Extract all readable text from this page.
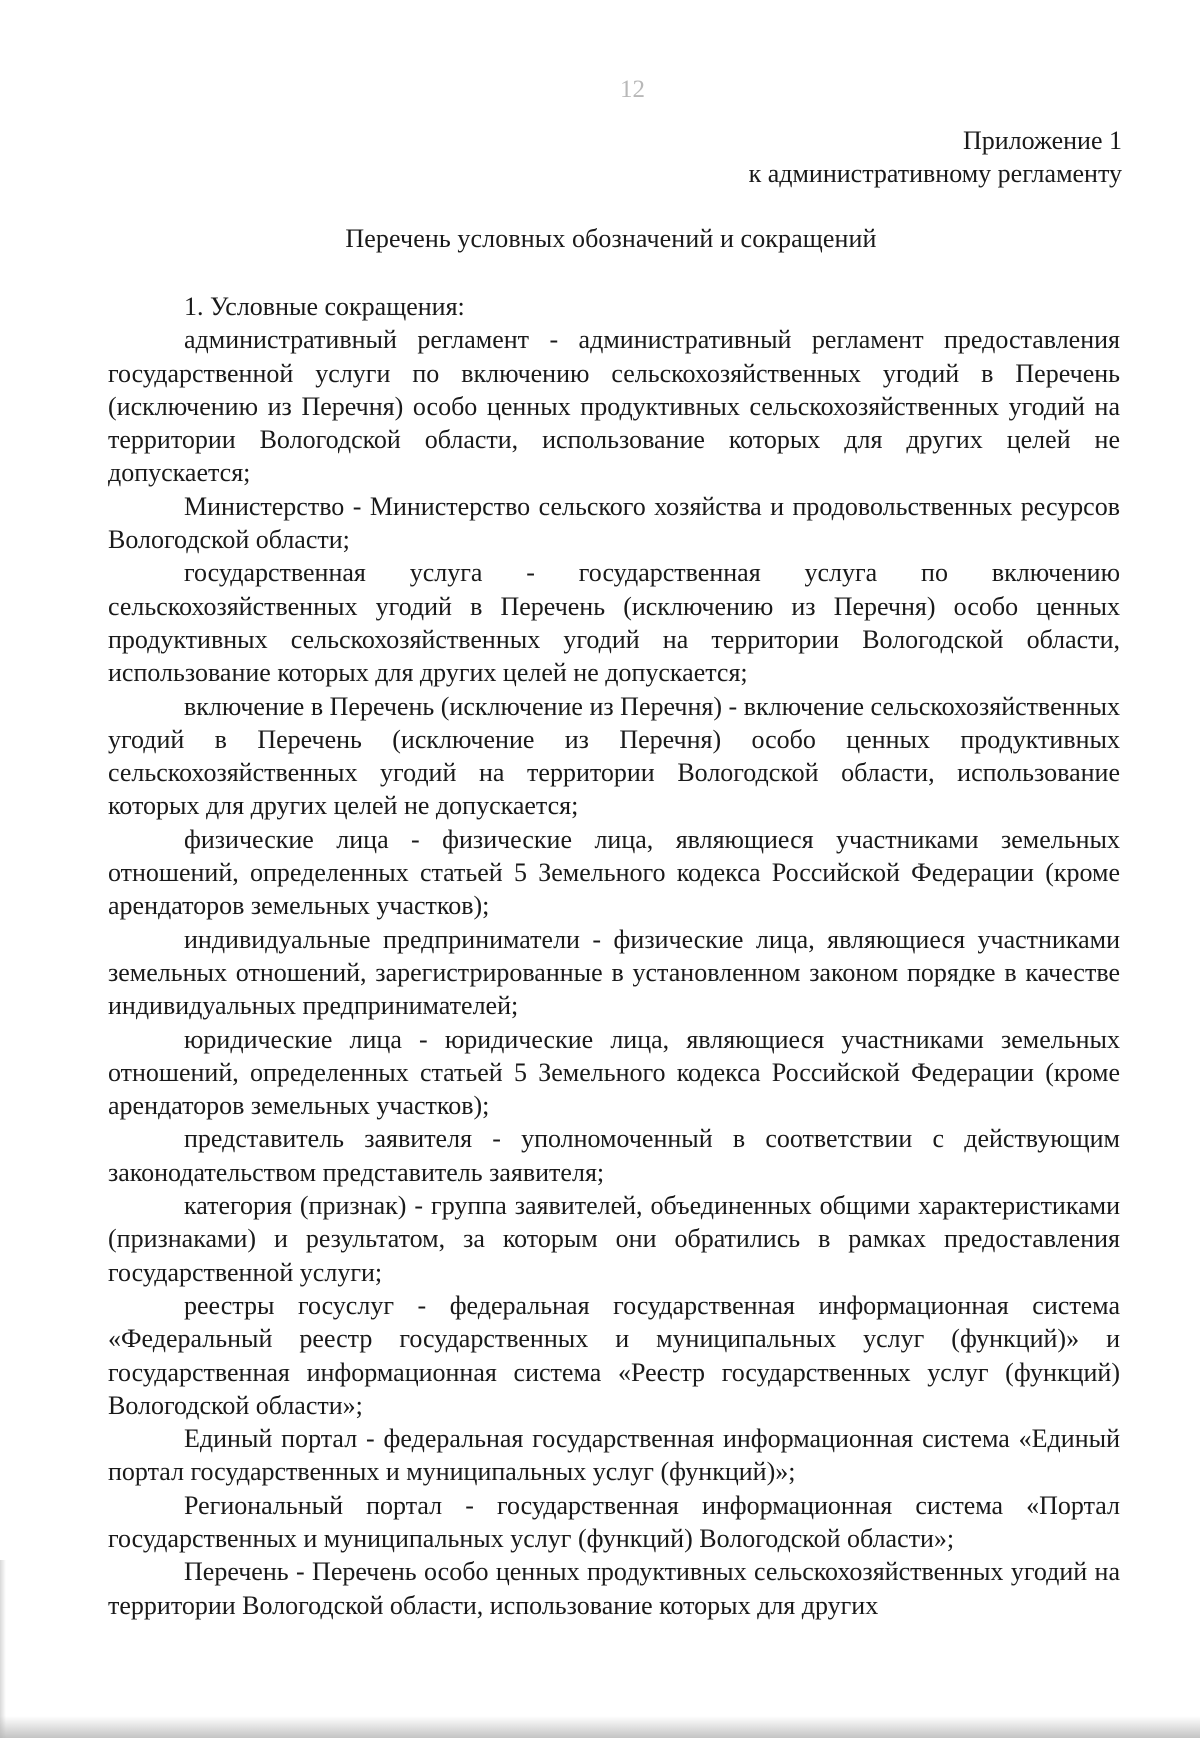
12
Приложение 1
к административному регламенту
Перечень условных обозначений и сокращений

1. Условные сокращения:

административный регламент - административный регламент предоставления государственной услуги по включению сельскохозяйственных угодий в Перечень (исключению из Перечня) особо ценных продуктивных сельскохозяйственных угодий на территории Вологодской области, использование которых для других целей не допускается;

Министерство - Министерство сельского хозяйства и продовольственных ресурсов Вологодской области;

государственная услуга - государственная услуга по включению сельскохозяйственных угодий в Перечень (исключению из Перечня) особо ценных продуктивных сельскохозяйственных угодий на территории Вологодской области, использование которых для других целей не допускается;

включение в Перечень (исключение из Перечня) - включение сельскохозяйственных угодий в Перечень (исключение из Перечня) особо ценных продуктивных сельскохозяйственных угодий на территории Вологодской области, использование которых для других целей не допускается;

физические лица - физические лица, являющиеся участниками земельных отношений, определенных статьей 5 Земельного кодекса Российской Федерации (кроме арендаторов земельных участков);

индивидуальные предприниматели - физические лица, являющиеся участниками земельных отношений, зарегистрированные в установленном законом порядке в качестве индивидуальных предпринимателей;

юридические лица - юридические лица, являющиеся участниками земельных отношений, определенных статьей 5 Земельного кодекса Российской Федерации (кроме арендаторов земельных участков);

представитель заявителя - уполномоченный в соответствии с действующим законодательством представитель заявителя;

категория (признак) - группа заявителей, объединенных общими характеристиками (признаками) и результатом, за которым они обратились в рамках предоставления государственной услуги;

реестры госуслуг - федеральная государственная информационная система «Федеральный реестр государственных и муниципальных услуг (функций)» и государственная информационная система «Реестр государственных услуг (функций) Вологодской области»;

Единый портал - федеральная государственная информационная система «Единый портал государственных и муниципальных услуг (функций)»;

Региональный портал - государственная информационная система «Портал государственных и муниципальных услуг (функций) Вологодской области»;

Перечень - Перечень особо ценных продуктивных сельскохозяйственных угодий на территории Вологодской области, использование которых для других
